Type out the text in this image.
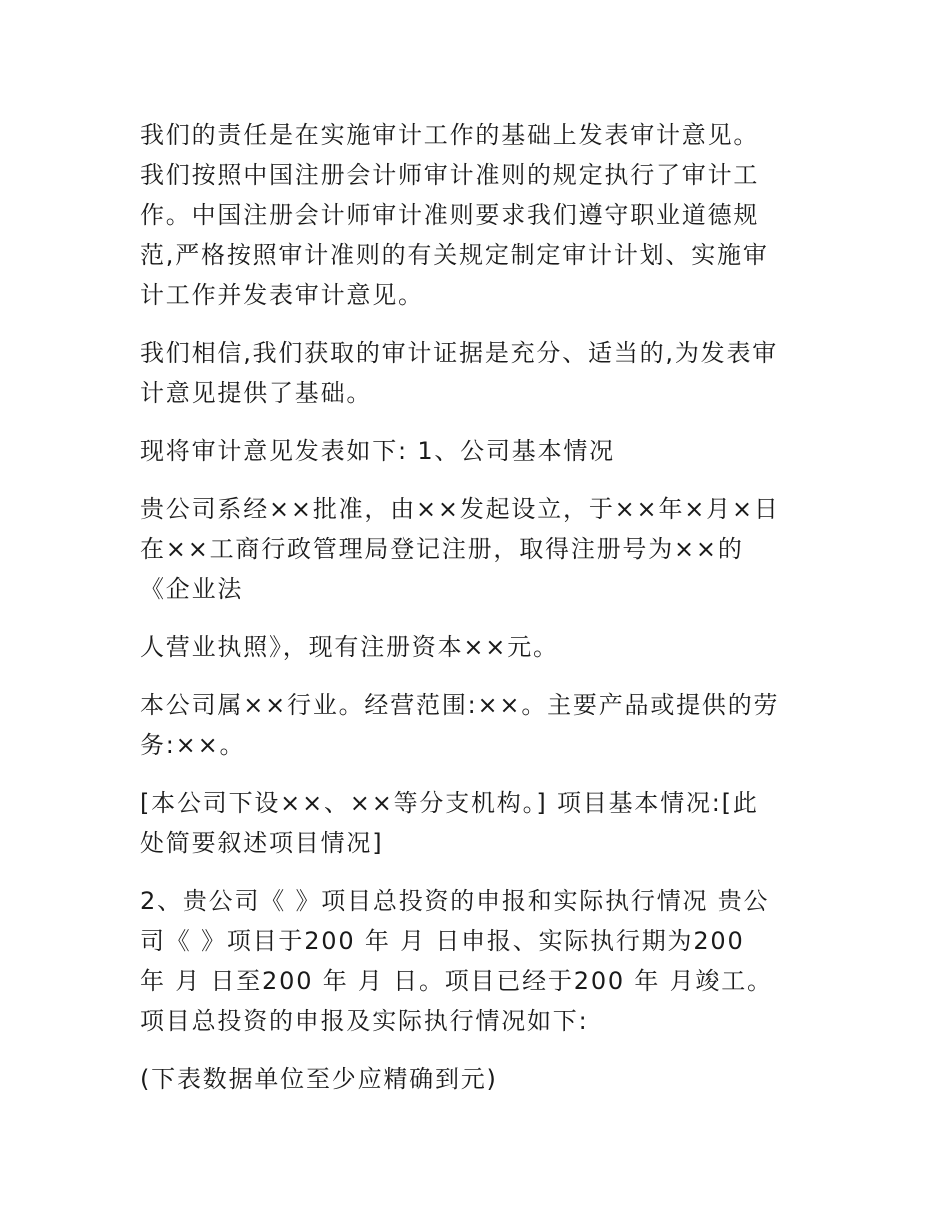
我们的责任是在实施审计工作的基础上发表审计意见。
我们按照中国注册会计师审计准则的规定执行了审计工
作。中国注册会计师审计准则要求我们遵守职业道德规
范,严格按照审计准则的有关规定制定审计计划、实施审
计工作并发表审计意见。

我们相信,我们获取的审计证据是充分、适当的,为发表审
计意见提供了基础。

现将审计意见发表如下: 1、公司基本情况

贵公司系经××批准，由××发起设立，于××年×月×日
在××工商行政管理局登记注册，取得注册号为××的
《企业法

人营业执照》，现有注册资本××元。

本公司属××行业。经营范围:××。主要产品或提供的劳
务:××。

[本公司下设××、××等分支机构。] 项目基本情况:[此
处简要叙述项目情况]

2、贵公司《 》项目总投资的申报和实际执行情况 贵公
司《 》项目于200 年 月 日申报、实际执行期为200
年 月 日至200 年 月 日。项目已经于200 年 月竣工。
项目总投资的申报及实际执行情况如下:

(下表数据单位至少应精确到元)
